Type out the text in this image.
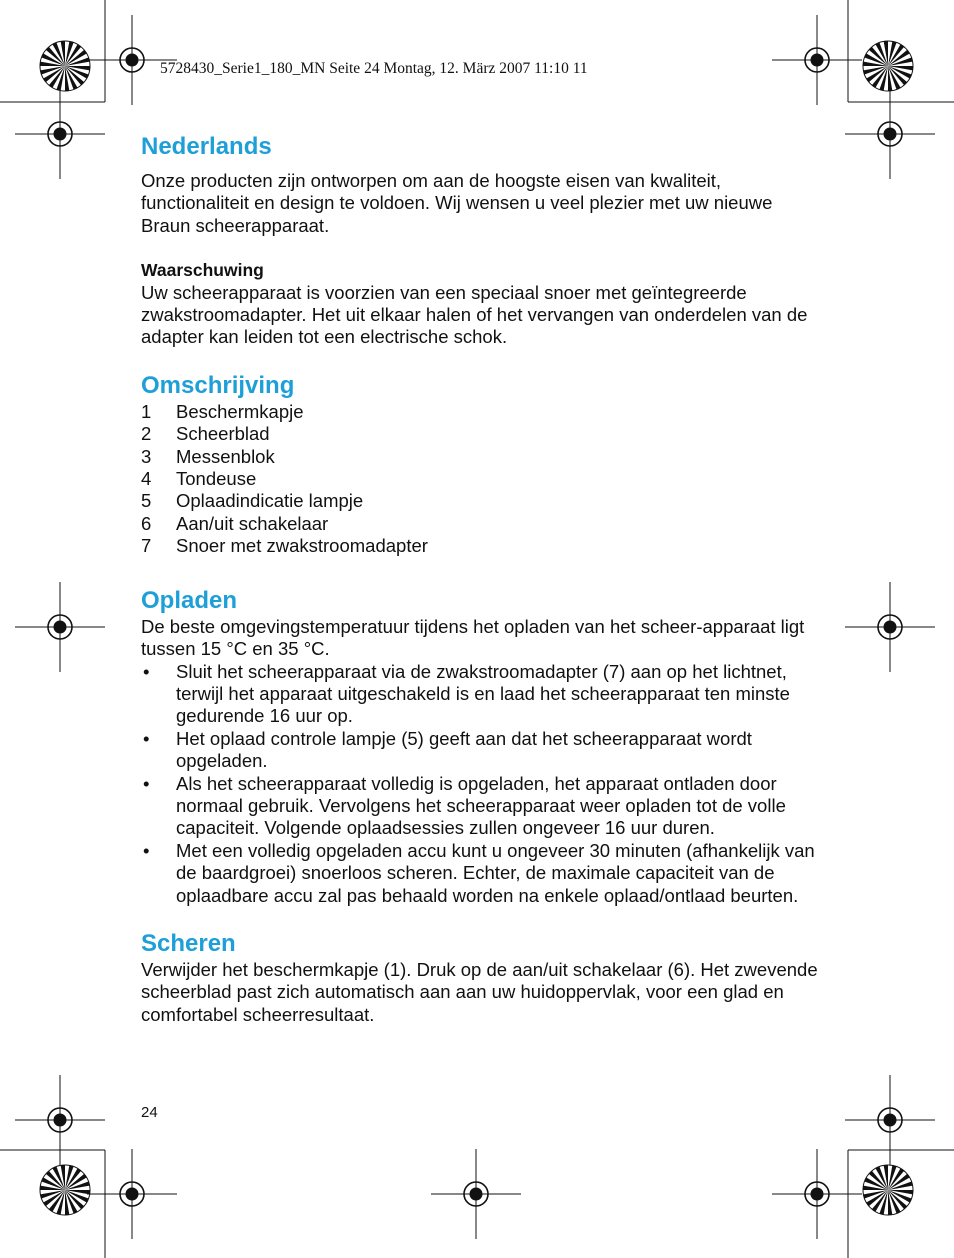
5728430_Serie1_180_MN Seite 24 Montag, 12. März 2007 11:10 11
Nederlands

Onze producten zijn ontworpen om aan de hoogste eisen van kwaliteit, functionaliteit en design te voldoen. Wij wensen u veel plezier met uw nieuwe Braun scheerapparaat.

Waarschuwing

Uw scheerapparaat is voorzien van een speciaal snoer met geïntegreerde zwakstroomadapter. Het uit elkaar halen of het vervangen van onderdelen van de adapter kan leiden tot een electrische schok.

Omschrijving
1	Beschermkapje
2	Scheerblad
3	Messenblok
4	Tondeuse
5	Oplaadindicatie lampje
6	Aan/uit schakelaar
7	Snoer met zwakstroomadapter
Opladen

De beste omgevingstemperatuur tijdens het opladen van het scheer-apparaat ligt tussen 15 °C en 35 °C.

•	Sluit het scheerapparaat via de zwakstroomadapter (7) aan op het lichtnet, terwijl het apparaat uitgeschakeld is en laad het scheerapparaat ten minste gedurende 16 uur op.
•	Het oplaad controle lampje (5) geeft aan dat het scheerapparaat wordt opgeladen.
•	Als het scheerapparaat volledig is opgeladen, het apparaat ontladen door normaal gebruik. Vervolgens het scheerapparaat weer opladen tot de volle capaciteit. Volgende oplaadsessies zullen ongeveer 16 uur duren.
•	Met een volledig opgeladen accu kunt u ongeveer 30 minuten (afhankelijk van de baardgroei) snoerloos scheren. Echter, de maximale capaciteit van de oplaadbare accu zal pas behaald worden na enkele oplaad/ontlaad beurten.
Scheren

Verwijder het beschermkapje (1). Druk op de aan/uit schakelaar (6). Het zwevende scheerblad past zich automatisch aan aan uw huidoppervlak, voor een glad en comfortabel scheerresultaat.

24
